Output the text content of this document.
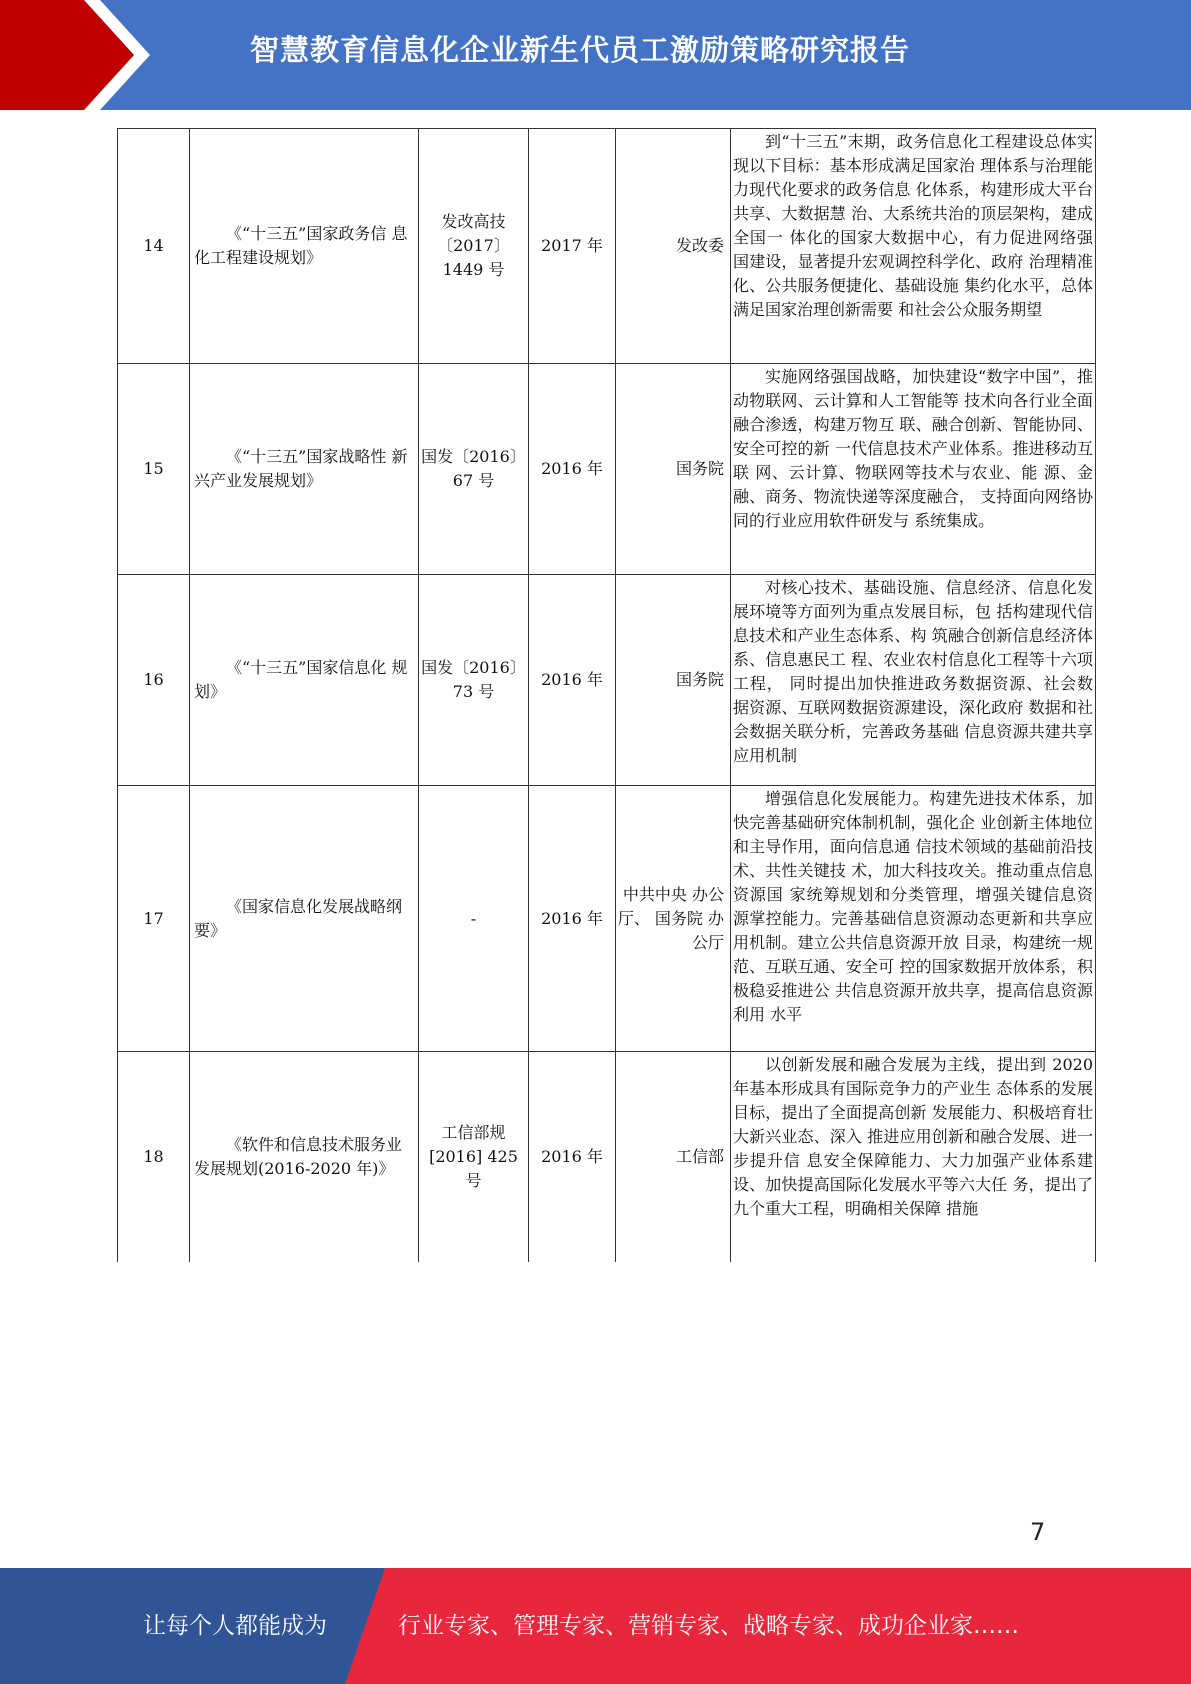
智慧教育信息化企业新生代员工激励策略研究报告
14	《“十三五”国家政务信 息化工程建设规划》	发改高技〔2017〕1449 号	2017 年	发改委	到“十三五”末期，政务信息化工程建设总体实现以下目标：基本形成满足国家治 理体系与治理能力现代化要求的政务信息 化体系，构建形成大平台共享、大数据慧 治、大系统共治的顶层架构，建成全国一 体化的国家大数据中心，有力促进网络强 国建设，显著提升宏观调控科学化、政府 治理精准化、公共服务便捷化、基础设施 集约化水平，总体满足国家治理创新需要 和社会公众服务期望
15	《“十三五”国家战略性 新兴产业发展规划》	国发〔2016〕67 号	2016 年	国务院	实施网络强国战略，加快建设“数字中国”，推动物联网、云计算和人工智能等 技术向各行业全面融合渗透，构建万物互 联、融合创新、智能协同、安全可控的新 一代信息技术产业体系。推进移动互联 网、云计算、物联网等技术与农业、能 源、金融、商务、物流快递等深度融合， 支持面向网络协同的行业应用软件研发与 系统集成。
16	《“十三五”国家信息化 规划》	国发〔2016〕73 号	2016 年	国务院	对核心技术、基础设施、信息经济、信息化发展环境等方面列为重点发展目标，包 括构建现代信息技术和产业生态体系、构 筑融合创新信息经济体系、信息惠民工 程、农业农村信息化工程等十六项工程， 同时提出加快推进政务数据资源、社会数 据资源、互联网数据资源建设，深化政府 数据和社会数据关联分析，完善政务基础 信息资源共建共享应用机制
17	《国家信息化发展战略纲 要》	-	2016 年	中共中央 办公厅、 国务院 办公厅	增强信息化发展能力。构建先进技术体系，加快完善基础研究体制机制，强化企 业创新主体地位和主导作用，面向信息通 信技术领域的基础前沿技术、共性关键技 术，加大科技攻关。推动重点信息资源国 家统筹规划和分类管理，增强关键信息资 源掌控能力。完善基础信息资源动态更新和共享应用机制。建立公共信息资源开放 目录，构建统一规范、互联互通、安全可 控的国家数据开放体系，积极稳妥推进公 共信息资源开放共享，提高信息资源利用 水平
18	《软件和信息技术服务业 发展规划(2016-2020 年)》	工信部规 [2016] 425 号	2016 年	工信部	以创新发展和融合发展为主线，提出到 2020 年基本形成具有国际竞争力的产业生 态体系的发展目标，提出了全面提高创新 发展能力、积极培育壮大新兴业态、深入 推进应用创新和融合发展、进一步提升信 息安全保障能力、大力加强产业体系建 设、加快提高国际化发展水平等六大任 务，提出了九个重大工程，明确相关保障 措施
7
让每个人都能成为	行业专家、管理专家、营销专家、战略专家、成功企业家……
